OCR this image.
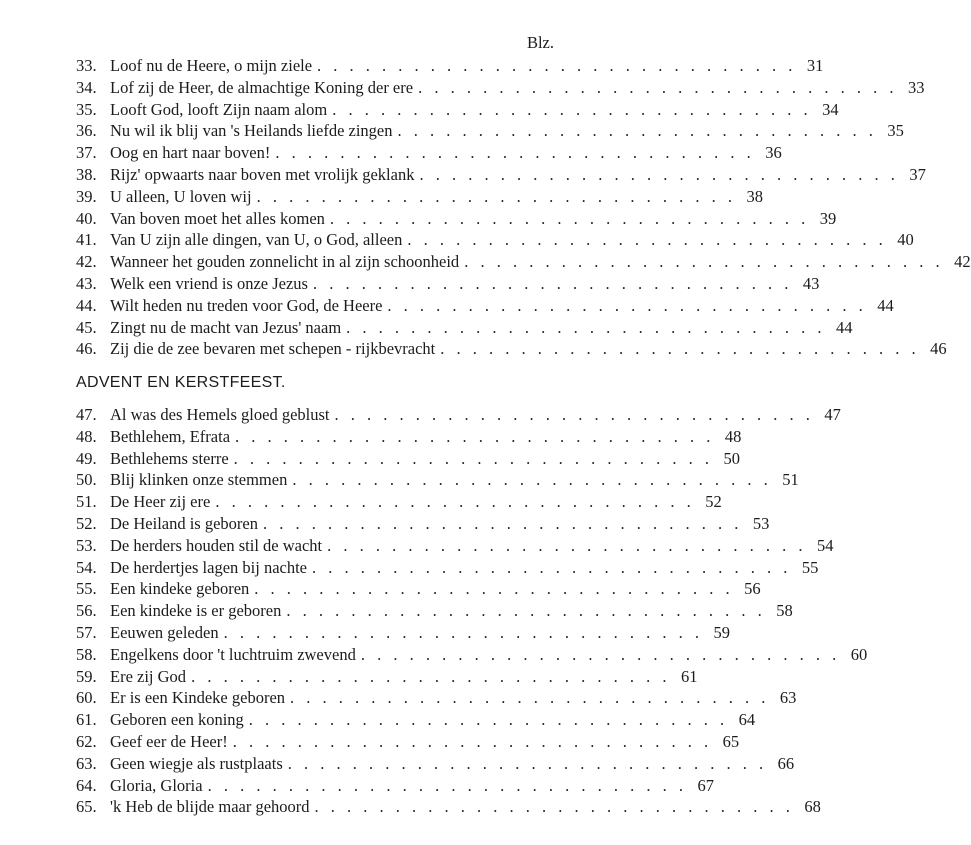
Blz.
33. Loof nu de Heere, o mijn ziele . . . . . . . . . . . . . . . . . . . . . . . . . . . . . . 31
34. Lof zij de Heer, de almachtige Koning der ere . . . . . . . . . . . . . . . . . . . . . . . . . . . . . . 33
35. Looft God, looft Zijn naam alom . . . . . . . . . . . . . . . . . . . . . . . . . . . . . . 34
36. Nu wil ik blij van 's Heilands liefde zingen . . . . . . . . . . . . . . . . . . . . . . . . . . . . . . 35
37. Oog en hart naar boven! . . . . . . . . . . . . . . . . . . . . . . . . . . . . . . 36
38. Rijz' opwaarts naar boven met vrolijk geklank . . . . . . . . . . . . . . . . . . . . . . . . . . . . . . 37
39. U alleen, U loven wij . . . . . . . . . . . . . . . . . . . . . . . . . . . . . . 38
40. Van boven moet het alles komen . . . . . . . . . . . . . . . . . . . . . . . . . . . . . . 39
41. Van U zijn alle dingen, van U, o God, alleen . . . . . . . . . . . . . . . . . . . . . . . . . . . . . . 40
42. Wanneer het gouden zonnelicht in al zijn schoonheid . . . . . . . . . . . . . . . . . . . . . . . . . . . . . . 42
43. Welk een vriend is onze Jezus . . . . . . . . . . . . . . . . . . . . . . . . . . . . . . 43
44. Wilt heden nu treden voor God, de Heere . . . . . . . . . . . . . . . . . . . . . . . . . . . . . . 44
45. Zingt nu de macht van Jezus' naam . . . . . . . . . . . . . . . . . . . . . . . . . . . . . . 44
46. Zij die de zee bevaren met schepen - rijkbevracht . . . . . . . . . . . . . . . . . . . . . . . . . . . . . . 46
ADVENT EN KERSTFEEST.
47. Al was des Hemels gloed geblust . . . . . . . . . . . . . . . . . . . . . . . . . . . . . . 47
48. Bethlehem, Efrata . . . . . . . . . . . . . . . . . . . . . . . . . . . . . . 48
49. Bethlehems sterre . . . . . . . . . . . . . . . . . . . . . . . . . . . . . . 50
50. Blij klinken onze stemmen . . . . . . . . . . . . . . . . . . . . . . . . . . . . . . 51
51. De Heer zij ere . . . . . . . . . . . . . . . . . . . . . . . . . . . . . . 52
52. De Heiland is geboren . . . . . . . . . . . . . . . . . . . . . . . . . . . . . . 53
53. De herders houden stil de wacht . . . . . . . . . . . . . . . . . . . . . . . . . . . . . . 54
54. De herdertjes lagen bij nachte . . . . . . . . . . . . . . . . . . . . . . . . . . . . . . 55
55. Een kindeke geboren . . . . . . . . . . . . . . . . . . . . . . . . . . . . . . 56
56. Een kindeke is er geboren . . . . . . . . . . . . . . . . . . . . . . . . . . . . . . 58
57. Eeuwen geleden . . . . . . . . . . . . . . . . . . . . . . . . . . . . . . 59
58. Engelkens door 't luchtruim zwevend . . . . . . . . . . . . . . . . . . . . . . . . . . . . . . 60
59. Ere zij God . . . . . . . . . . . . . . . . . . . . . . . . . . . . . . 61
60. Er is een Kindeke geboren . . . . . . . . . . . . . . . . . . . . . . . . . . . . . . 63
61. Geboren een koning . . . . . . . . . . . . . . . . . . . . . . . . . . . . . . 64
62. Geef eer de Heer! . . . . . . . . . . . . . . . . . . . . . . . . . . . . . . 65
63. Geen wiegje als rustplaats . . . . . . . . . . . . . . . . . . . . . . . . . . . . . . 66
64. Gloria, Gloria . . . . . . . . . . . . . . . . . . . . . . . . . . . . . . 67
65. 'k Heb de blijde maar gehoord . . . . . . . . . . . . . . . . . . . . . . . . . . . . . . 68
